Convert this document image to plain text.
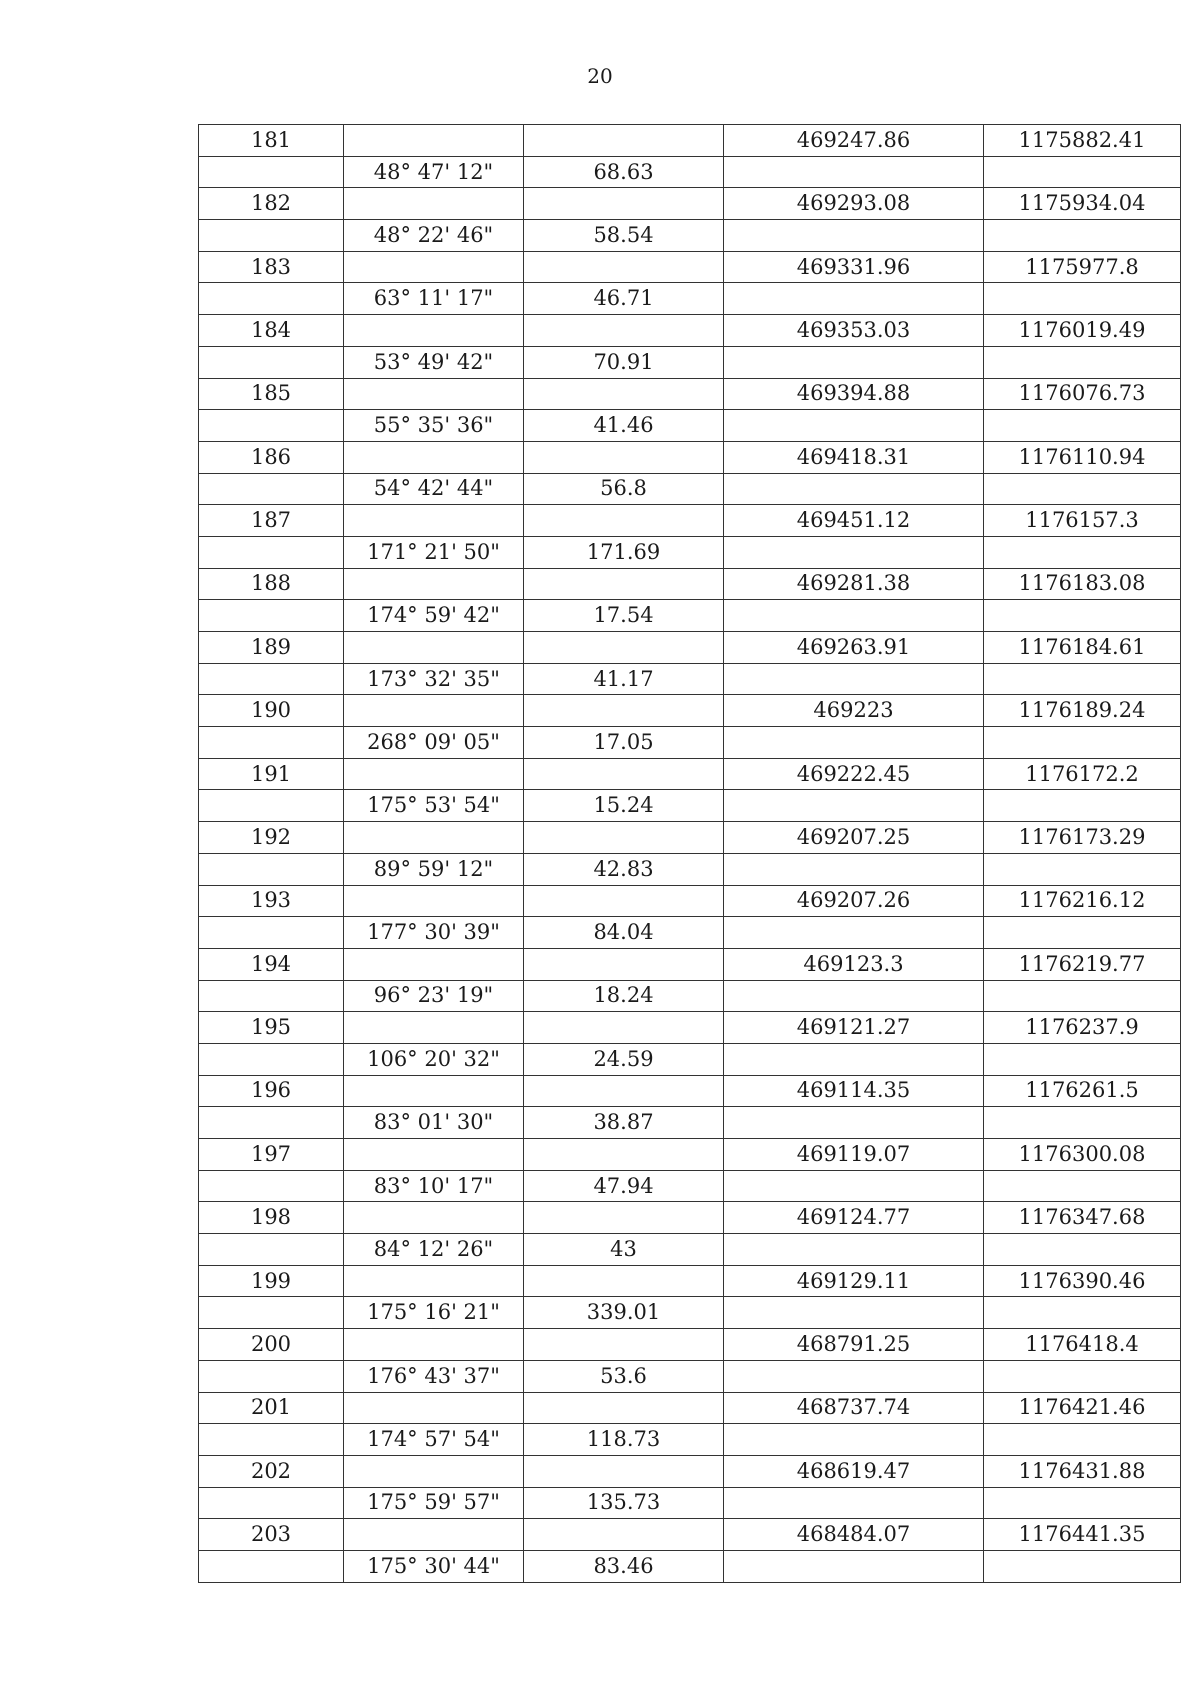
20
181			469247.86	1175882.41
	48° 47' 12"	68.63		
182			469293.08	1175934.04
	48° 22' 46"	58.54		
183			469331.96	1175977.8
	63° 11' 17"	46.71		
184			469353.03	1176019.49
	53° 49' 42"	70.91		
185			469394.88	1176076.73
	55° 35' 36"	41.46		
186			469418.31	1176110.94
	54° 42' 44"	56.8		
187			469451.12	1176157.3
	171° 21' 50"	171.69		
188			469281.38	1176183.08
	174° 59' 42"	17.54		
189			469263.91	1176184.61
	173° 32' 35"	41.17		
190			469223	1176189.24
	268° 09' 05"	17.05		
191			469222.45	1176172.2
	175° 53' 54"	15.24		
192			469207.25	1176173.29
	89° 59' 12"	42.83		
193			469207.26	1176216.12
	177° 30' 39"	84.04		
194			469123.3	1176219.77
	96° 23' 19"	18.24		
195			469121.27	1176237.9
	106° 20' 32"	24.59		
196			469114.35	1176261.5
	83° 01' 30"	38.87		
197			469119.07	1176300.08
	83° 10' 17"	47.94		
198			469124.77	1176347.68
	84° 12' 26"	43		
199			469129.11	1176390.46
	175° 16' 21"	339.01		
200			468791.25	1176418.4
	176° 43' 37"	53.6		
201			468737.74	1176421.46
	174° 57' 54"	118.73		
202			468619.47	1176431.88
	175° 59' 57"	135.73		
203			468484.07	1176441.35
	175° 30' 44"	83.46		
